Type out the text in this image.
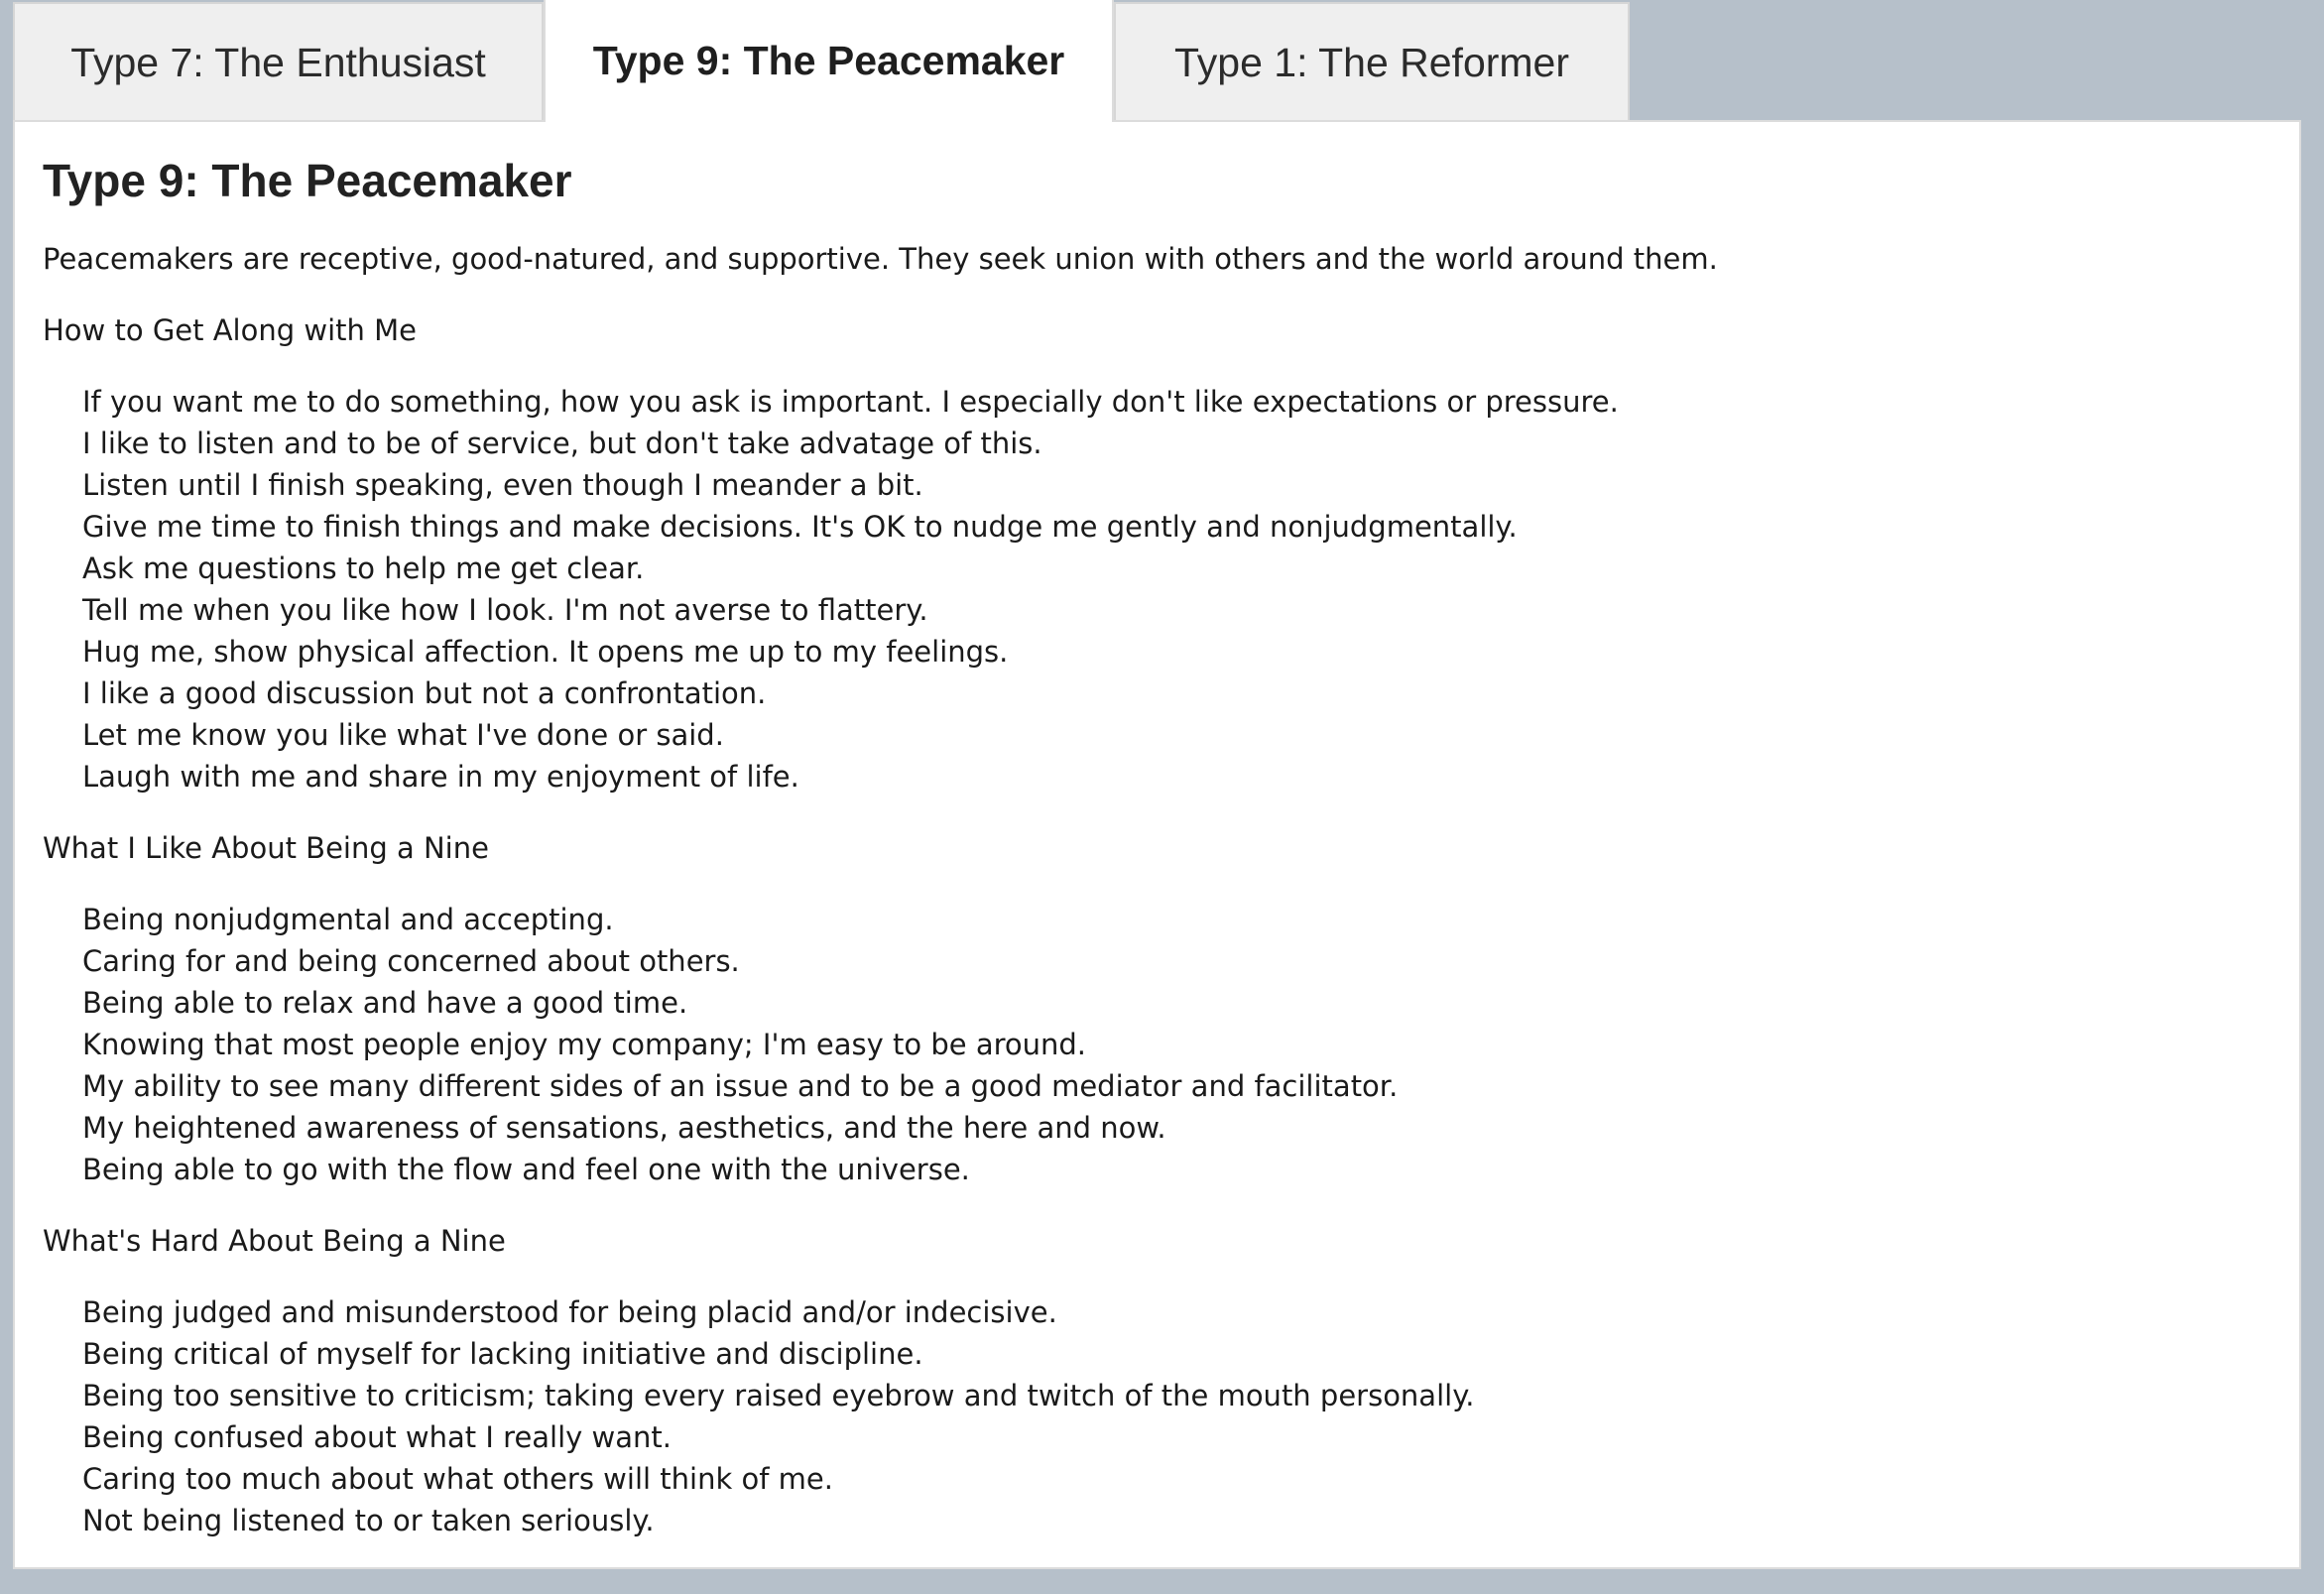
Type 7: The Enthusiast	Type 9: The Peacemaker	Type 1: The Reformer
Type 9: The Peacemaker

Peacemakers are receptive, good-natured, and supportive. They seek union with others and the world around them.

How to Get Along with Me
If you want me to do something, how you ask is important. I especially don't like expectations or pressure.
I like to listen and to be of service, but don't take advatage of this.
Listen until I finish speaking, even though I meander a bit.
Give me time to finish things and make decisions. It's OK to nudge me gently and nonjudgmentally.
Ask me questions to help me get clear.
Tell me when you like how I look. I'm not averse to flattery.
Hug me, show physical affection. It opens me up to my feelings.
I like a good discussion but not a confrontation.
Let me know you like what I've done or said.
Laugh with me and share in my enjoyment of life.
What I Like About Being a Nine
Being nonjudgmental and accepting.
Caring for and being concerned about others.
Being able to relax and have a good time.
Knowing that most people enjoy my company; I'm easy to be around.
My ability to see many different sides of an issue and to be a good mediator and facilitator.
My heightened awareness of sensations, aesthetics, and the here and now.
Being able to go with the flow and feel one with the universe.
What's Hard About Being a Nine
Being judged and misunderstood for being placid and/or indecisive.
Being critical of myself for lacking initiative and discipline.
Being too sensitive to criticism; taking every raised eyebrow and twitch of the mouth personally.
Being confused about what I really want.
Caring too much about what others will think of me.
Not being listened to or taken seriously.
